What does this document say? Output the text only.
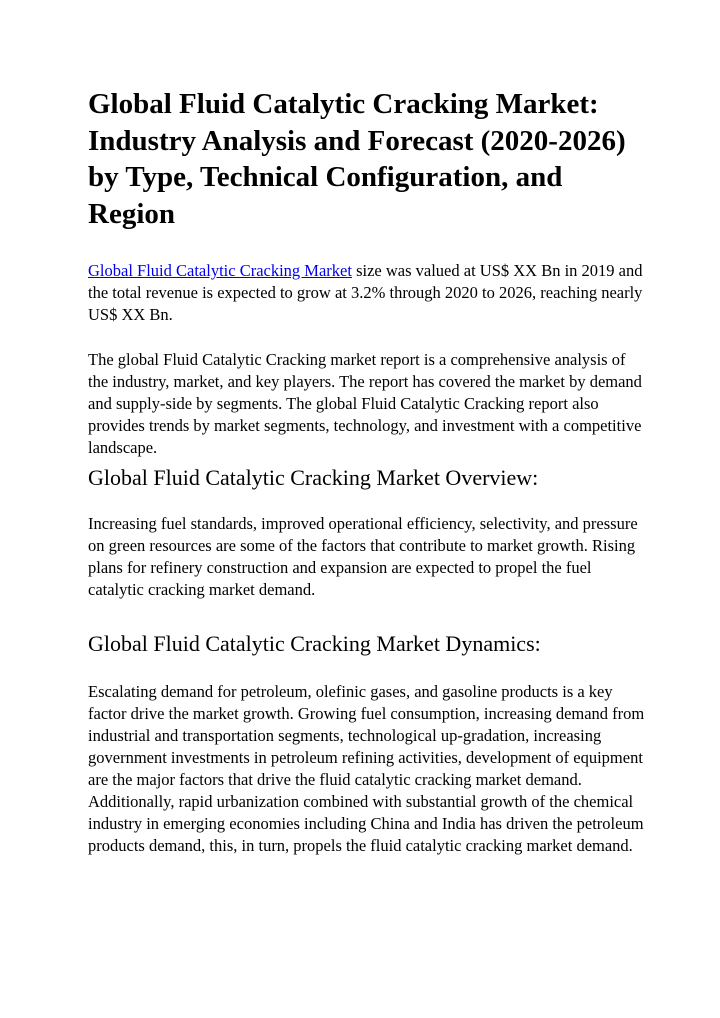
Global Fluid Catalytic Cracking Market: Industry Analysis and Forecast (2020-2026) by Type, Technical Configuration, and Region

Global Fluid Catalytic Cracking Market size was valued at US$ XX Bn in 2019 and the total revenue is expected to grow at 3.2% through 2020 to 2026, reaching nearly US$ XX Bn.

The global Fluid Catalytic Cracking market report is a comprehensive analysis of the industry, market, and key players. The report has covered the market by demand and supply-side by segments. The global Fluid Catalytic Cracking report also provides trends by market segments, technology, and investment with a competitive landscape.

Global Fluid Catalytic Cracking Market Overview:

Increasing fuel standards, improved operational efficiency, selectivity, and pressure on green resources are some of the factors that contribute to market growth. Rising plans for refinery construction and expansion are expected to propel the fuel catalytic cracking market demand.

Global Fluid Catalytic Cracking Market Dynamics:

Escalating demand for petroleum, olefinic gases, and gasoline products is a key factor drive the market growth. Growing fuel consumption, increasing demand from industrial and transportation segments, technological up-gradation, increasing government investments in petroleum refining activities, development of equipment are the major factors that drive the fluid catalytic cracking market demand. Additionally, rapid urbanization combined with substantial growth of the chemical industry in emerging economies including China and India has driven the petroleum products demand, this, in turn, propels the fluid catalytic cracking market demand.
